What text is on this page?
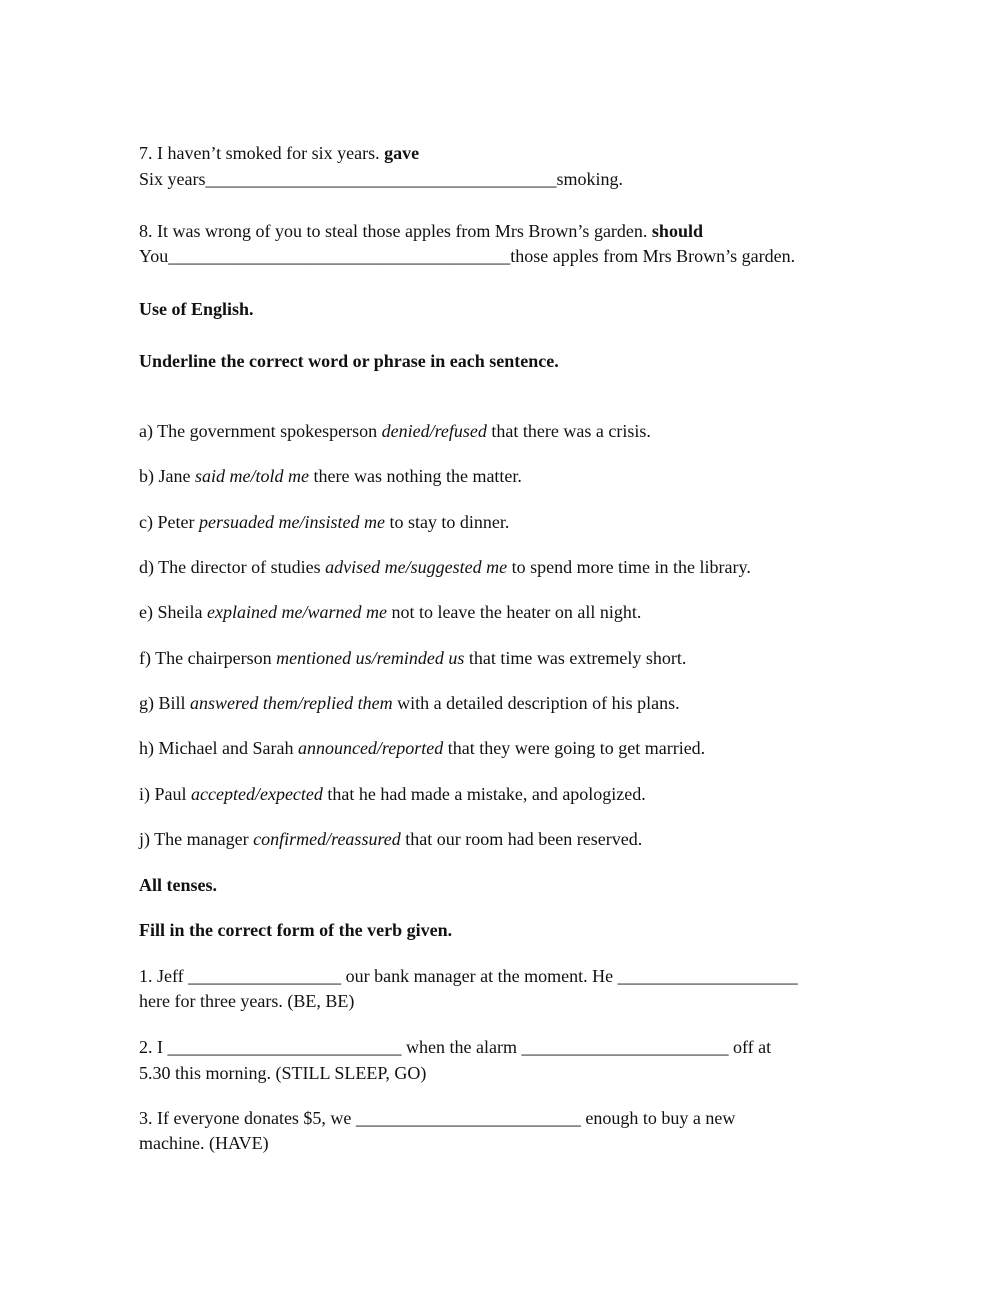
7. I haven’t smoked for six years. gave
Six years_______________________________________smoking.
8. It was wrong of you to steal those apples from Mrs Brown’s garden. should
You______________________________________those apples from Mrs Brown’s garden.
Use of English.
Underline the correct word or phrase in each sentence.
a) The government spokesperson denied/refused that there was a crisis.
b) Jane said me/told me there was nothing the matter.
c) Peter persuaded me/insisted me to stay to dinner.
d) The director of studies advised me/suggested me to spend more time in the library.
e) Sheila explained me/warned me not to leave the heater on all night.
f) The chairperson mentioned us/reminded us that time was extremely short.
g) Bill answered them/replied them with a detailed description of his plans.
h) Michael and Sarah announced/reported that they were going to get married.
i) Paul accepted/expected that he had made a mistake, and apologized.
j) The manager confirmed/reassured that our room had been reserved.
All tenses.
Fill in the correct form of the verb given.
1. Jeff _________________ our bank manager at the moment. He ____________________
here for three years. (BE, BE)
2. I __________________________ when the alarm _______________________ off at
5.30 this morning. (STILL SLEEP, GO)
3. If everyone donates $5, we _________________________ enough to buy a new
machine. (HAVE)
